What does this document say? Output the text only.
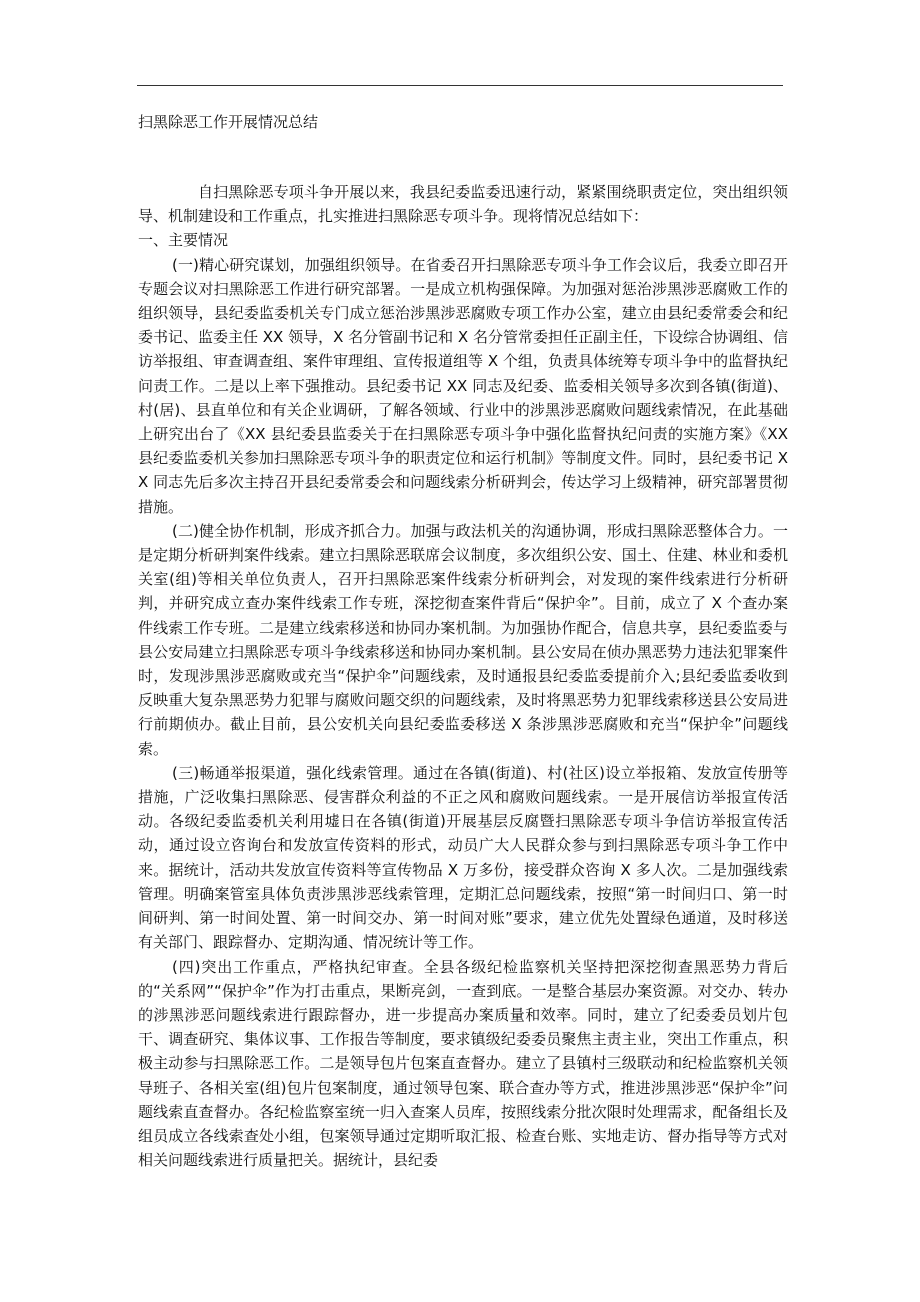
扫黑除恶工作开展情况总结

自扫黑除恶专项斗争开展以来，我县纪委监委迅速行动，紧紧围绕职责定位，突出组织领导、机制建设和工作重点，扎实推进扫黑除恶专项斗争。现将情况总结如下：

一、主要情况

(一)精心研究谋划，加强组织领导。在省委召开扫黑除恶专项斗争工作会议后，我委立即召开专题会议对扫黑除恶工作进行研究部署。一是成立机构强保障。为加强对惩治涉黑涉恶腐败工作的组织领导，县纪委监委机关专门成立惩治涉黑涉恶腐败专项工作办公室，建立由县纪委常委会和纪委书记、监委主任 XX 领导，X 名分管副书记和 X 名分管常委担任正副主任，下设综合协调组、信访举报组、审查调查组、案件审理组、宣传报道组等 X 个组，负责具体统筹专项斗争中的监督执纪问责工作。二是以上率下强推动。县纪委书记 XX 同志及纪委、监委相关领导多次到各镇(街道)、村(居)、县直单位和有关企业调研，了解各领域、行业中的涉黑涉恶腐败问题线索情况，在此基础上研究出台了《XX 县纪委县监委关于在扫黑除恶专项斗争中强化监督执纪问责的实施方案》《XX 县纪委监委机关参加扫黑除恶专项斗争的职责定位和运行机制》等制度文件。同时，县纪委书记 XX 同志先后多次主持召开县纪委常委会和问题线索分析研判会，传达学习上级精神，研究部署贯彻措施。

(二)健全协作机制，形成齐抓合力。加强与政法机关的沟通协调，形成扫黑除恶整体合力。一是定期分析研判案件线索。建立扫黑除恶联席会议制度，多次组织公安、国土、住建、林业和委机关室(组)等相关单位负责人，召开扫黑除恶案件线索分析研判会，对发现的案件线索进行分析研判，并研究成立查办案件线索工作专班，深挖彻查案件背后“保护伞”。目前，成立了 X 个查办案件线索工作专班。二是建立线索移送和协同办案机制。为加强协作配合，信息共享，县纪委监委与县公安局建立扫黑除恶专项斗争线索移送和协同办案机制。县公安局在侦办黑恶势力违法犯罪案件时，发现涉黑涉恶腐败或充当“保护伞”问题线索，及时通报县纪委监委提前介入;县纪委监委收到反映重大复杂黑恶势力犯罪与腐败问题交织的问题线索，及时将黑恶势力犯罪线索移送县公安局进行前期侦办。截止目前，县公安机关向县纪委监委移送 X 条涉黑涉恶腐败和充当“保护伞”问题线索。

(三)畅通举报渠道，强化线索管理。通过在各镇(街道)、村(社区)设立举报箱、发放宣传册等措施，广泛收集扫黑除恶、侵害群众利益的不正之风和腐败问题线索。一是开展信访举报宣传活动。各级纪委监委机关利用墟日在各镇(街道)开展基层反腐暨扫黑除恶专项斗争信访举报宣传活动，通过设立咨询台和发放宣传资料的形式，动员广大人民群众参与到扫黑除恶专项斗争工作中来。据统计，活动共发放宣传资料等宣传物品 X 万多份，接受群众咨询 X 多人次。二是加强线索管理。明确案管室具体负责涉黑涉恶线索管理，定期汇总问题线索，按照“第一时间归口、第一时间研判、第一时间处置、第一时间交办、第一时间对账”要求，建立优先处置绿色通道，及时移送有关部门、跟踪督办、定期沟通、情况统计等工作。

(四)突出工作重点，严格执纪审查。全县各级纪检监察机关坚持把深挖彻查黑恶势力背后的“关系网”“保护伞”作为打击重点，果断亮剑，一查到底。一是整合基层办案资源。对交办、转办的涉黑涉恶问题线索进行跟踪督办，进一步提高办案质量和效率。同时，建立了纪委委员划片包干、调查研究、集体议事、工作报告等制度，要求镇级纪委委员聚焦主责主业，突出工作重点，积极主动参与扫黑除恶工作。二是领导包片包案直查督办。建立了县镇村三级联动和纪检监察机关领导班子、各相关室(组)包片包案制度，通过领导包案、联合查办等方式，推进涉黑涉恶“保护伞”问题线索直查督办。各纪检监察室统一归入查案人员库，按照线索分批次限时处理需求，配备组长及组员成立各线索查处小组，包案领导通过定期听取汇报、检查台账、实地走访、督办指导等方式对相关问题线索进行质量把关。据统计，县纪委
